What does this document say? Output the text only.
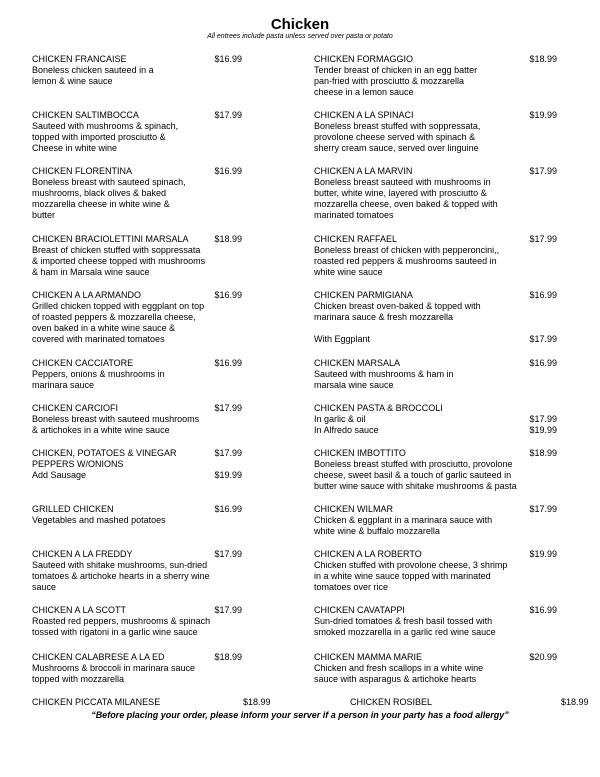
Chicken
All entrees include pasta unless served over pasta or potato
CHICKEN FRANCAISE	$16.99
Boneless chicken sauteed in a
lemon & wine sauce
CHICKEN SALTIMBOCCA	$17.99
Sauteed with mushrooms & spinach,
topped with imported prosciutto &
Cheese in white wine
CHICKEN FLORENTINA	$16.99
Boneless breast with sauteed spinach,
mushrooms, black olives & baked
mozzarella cheese in white wine &
butter
CHICKEN BRACIOLETTINI MARSALA	$18.99
Breast of chicken stuffed with soppressata
& imported cheese topped with mushrooms
& ham in Marsala wine sauce
CHICKEN A LA ARMANDO	$16.99
Grilled chicken topped with eggplant on top
of roasted peppers & mozzarella cheese,
oven baked in a white wine sauce &
covered with marinated tomatoes
CHICKEN CACCIATORE	$16.99
Peppers, onions & mushrooms in
marinara sauce
CHICKEN CARCIOFI	$17.99
Boneless breast with sauteed mushrooms
& artichokes in a white wine sauce
CHICKEN, POTATOES & VINEGAR	$17.99
PEPPERS W/ONIONS
Add Sausage	$19.99
GRILLED CHICKEN	$16.99
Vegetables and mashed potatoes
CHICKEN A LA FREDDY	$17.99
Sauteed with shitake mushrooms, sun-dried
tomatoes & artichoke hearts in a sherry wine
sauce
CHICKEN A LA SCOTT	$17.99
Roasted red peppers, mushrooms & spinach
tossed with rigatoni in a garlic wine sauce
CHICKEN CALABRESE A LA ED	$18.99
Mushrooms & broccoli in marinara sauce
topped with mozzarella
CHICKEN FORMAGGIO	$18.99
Tender breast of chicken in an egg batter
pan-fried with prosciutto & mozzarella
cheese in a lemon sauce
CHICKEN A LA SPINACI	$19.99
Boneless breast stuffed with soppressata,
provolone cheese served with spinach &
sherry cream sauce, served over linguine
CHICKEN A LA MARVIN	$17.99
Boneless breast sauteed with mushrooms in
butter, white wine, layered with prosciutto &
mozzarella cheese, oven baked & topped with
marinated tomatoes
CHICKEN RAFFAEL	$17.99
Boneless breast of chicken with pepperoncini,,
roasted red peppers & mushrooms sauteed in
white wine sauce
CHICKEN PARMIGIANA	$16.99
Chicken breast oven-baked & topped with
marinara sauce & fresh mozzarella
With Eggplant	$17.99
CHICKEN MARSALA	$16.99
Sauteed with mushrooms & ham in
marsala wine sauce
CHICKEN PASTA & BROCCOLI
In garlic & oil	$17.99
In Alfredo sauce	$19.99
CHICKEN IMBOTTITO	$18.99
Boneless breast stuffed with prosciutto, provolone
cheese, sweet basil & a touch of garlic sauteed in
butter wine sauce with shitake mushrooms & pasta
CHICKEN WILMAR	$17.99
Chicken & eggplant in a marinara sauce with
white wine & buffalo mozzarella
CHICKEN A LA ROBERTO	$19.99
Chicken stuffed with provolone cheese, 3 shrimp
in a white wine sauce topped with marinated
tomatoes over rice
CHICKEN CAVATAPPI	$16.99
Sun-dried tomatoes & fresh basil tossed with
smoked mozzarella in a garlic red wine sauce
CHICKEN MAMMA MARIE	$20.99
Chicken and fresh scallops in a white wine
sauce with asparagus & artichoke hearts
CHICKEN PICCATA MILANESE	$18.99	CHICKEN ROSIBEL	$18.99
“Before placing your order, please inform your server if a person in your party has a food allergy”
